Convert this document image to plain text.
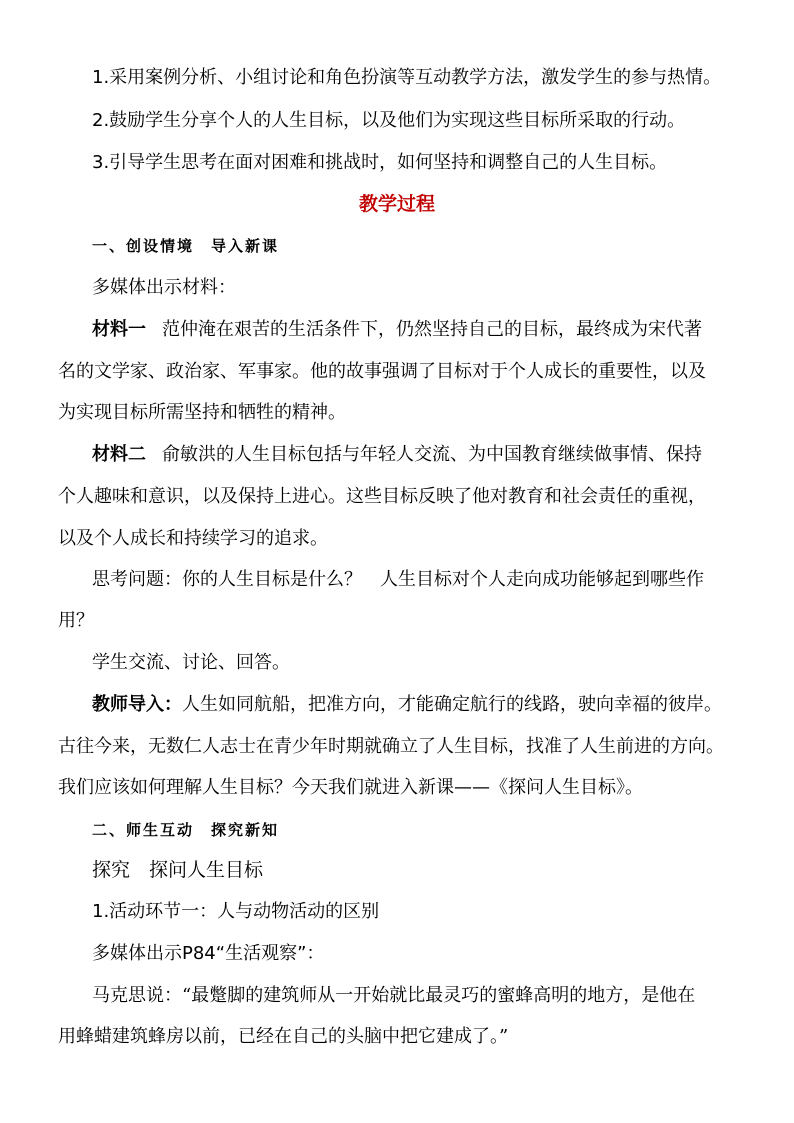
1.采用案例分析、小组讨论和角色扮演等互动教学方法，激发学生的参与热情。
2.鼓励学生分享个人的人生目标，以及他们为实现这些目标所采取的行动。
3.引导学生思考在面对困难和挑战时，如何坚持和调整自己的人生目标。
教学过程
一、创设情境　导入新课
多媒体出示材料：
材料一 范仲淹在艰苦的生活条件下，仍然坚持自己的目标，最终成为宋代著
名的文学家、政治家、军事家。他的故事强调了目标对于个人成长的重要性，以及
为实现目标所需坚持和牺牲的精神。
材料二 俞敏洪的人生目标包括与年轻人交流、为中国教育继续做事情、保持
个人趣味和意识，以及保持上进心。这些目标反映了他对教育和社会责任的重视，
以及个人成长和持续学习的追求。
思考问题：你的人生目标是什么？　人生目标对个人走向成功能够起到哪些作
用？
学生交流、讨论、回答。
教师导入：人生如同航船，把准方向，才能确定航行的线路，驶向幸福的彼岸。
古往今来，无数仁人志士在青少年时期就确立了人生目标，找准了人生前进的方向。
我们应该如何理解人生目标？今天我们就进入新课——《探问人生目标》。
二、师生互动　探究新知
探究　探问人生目标
1.活动环节一：人与动物活动的区别
多媒体出示P84“生活观察”：
马克思说：“最蹩脚的建筑师从一开始就比最灵巧的蜜蜂高明的地方，是他在
用蜂蜡建筑蜂房以前，已经在自己的头脑中把它建成了。”
